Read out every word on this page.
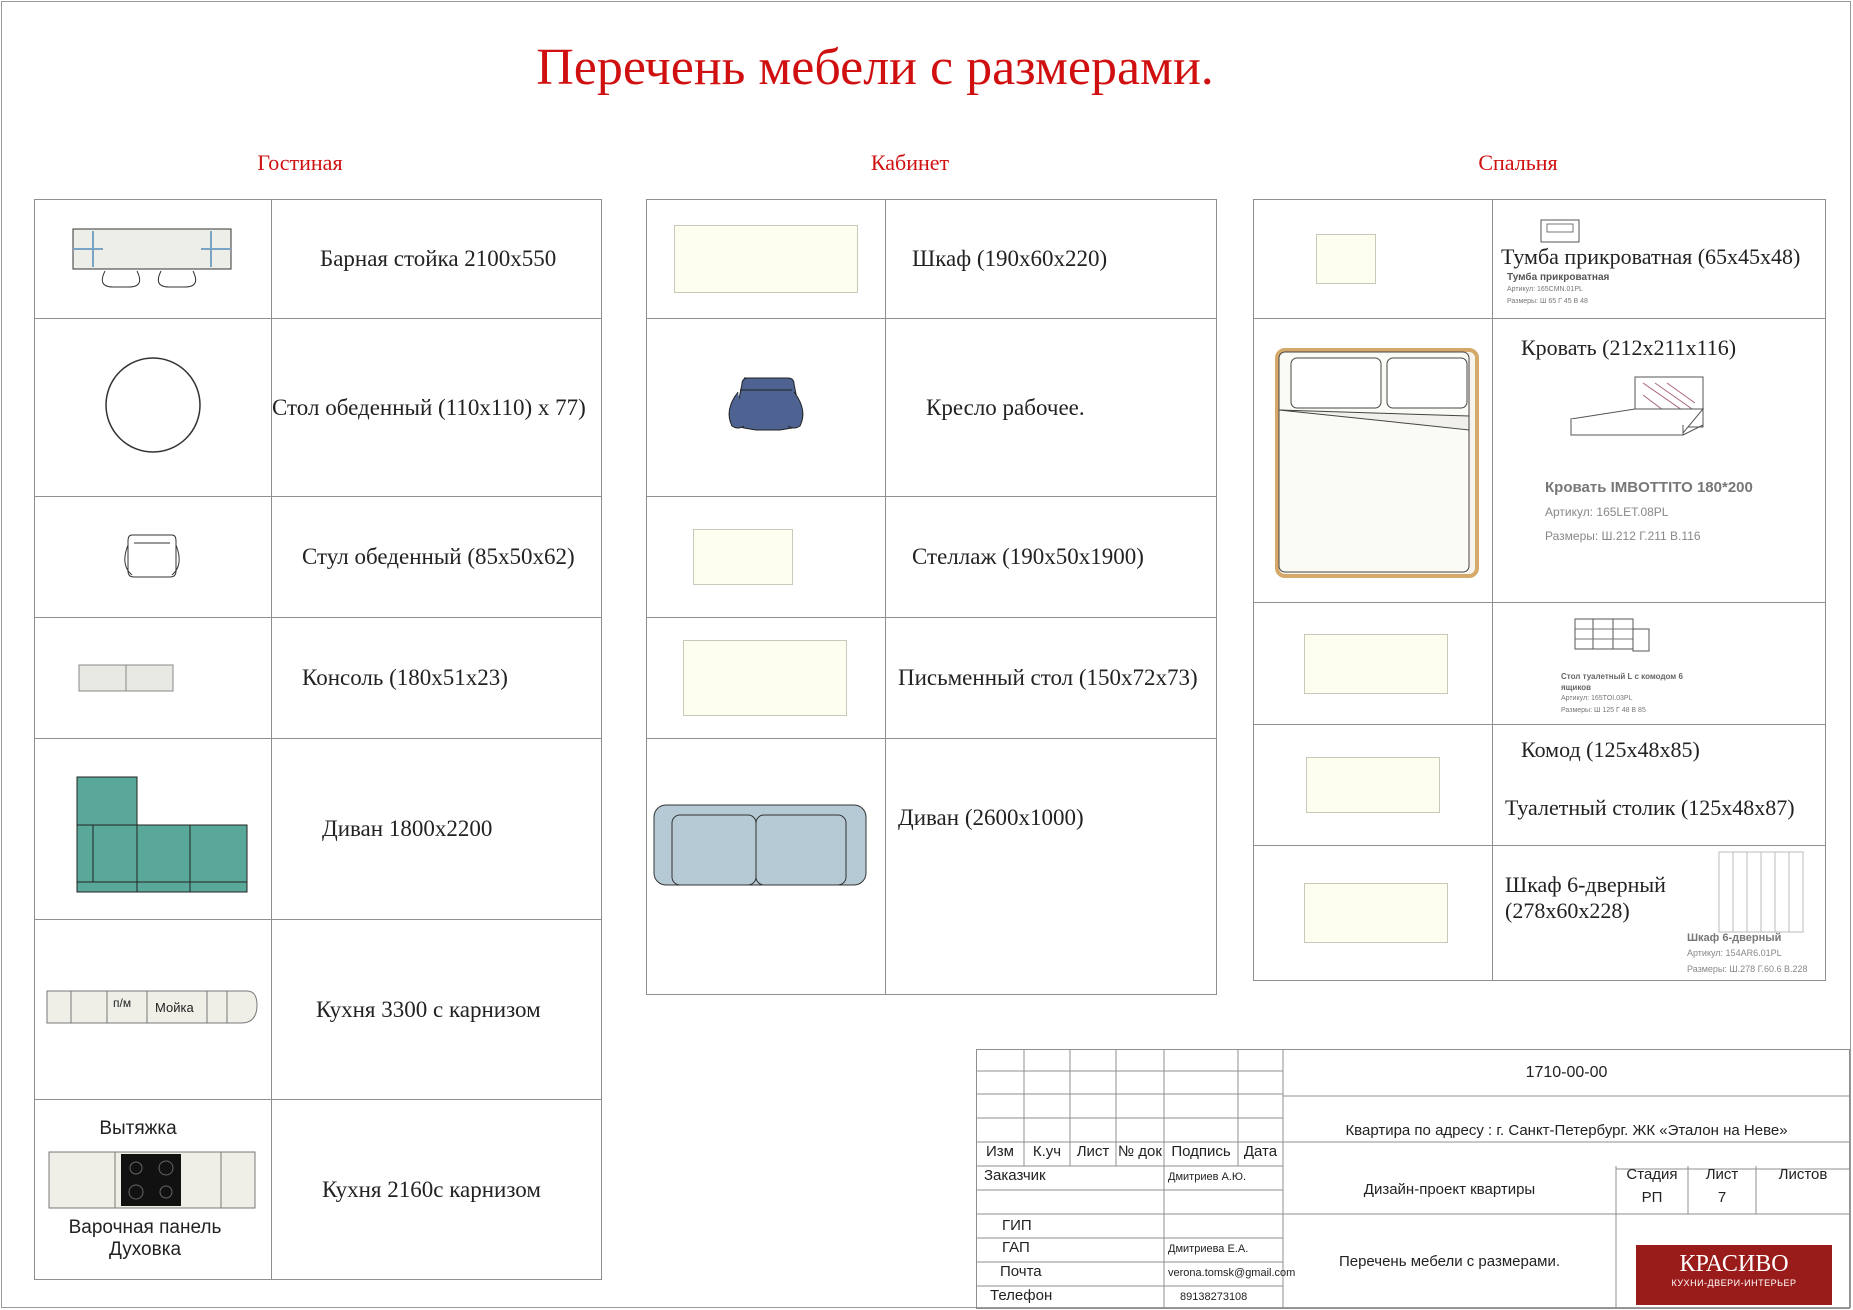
Перечень мебели с размерами.
Гостиная	Кабинет	Спальня
	Барная стойка 2100x550
	Стол обеденный (110x110) x 77)
	Стул обеденный (85x50x62)
	Консоль (180x51x23)
	Диван 1800x2200

п/м Мойка	Кухня 3300 с карнизом

Вытяжка
Варочная панель
Духовка	Кухня 2160с карнизом
	Шкаф (190x60x220)
	Кресло рабочее.

	Стеллаж (190x50x1900)

	Письменный стол (150x72x73)
	Диван (2600x1000)

	Тумба прикроватная (65x45x48)
Тумба прикроватная
Артикул: 165CMN.01PL
Размеры: Ш 65 Г 45 В 48

Кровать (212x211x116)
Кровать IMBOTTITO 180*200
Артикул: 165LET.08PL
Размеры: Ш.212 Г.211 В.116

	Стол туалетный L с комодом 6 ящиков
Артикул: 165TOI.03PL
Размеры: Ш 125 Г 48 В 85

	Комод (125x48x85)
Туалетный столик (125x48x87)

	Шкаф 6-дверный
(278x60x228)
Шкаф 6-дверный
Артикул: 154AR6.01PL
Размеры: Ш.278 Г.60.6 В.228
1710-00-00
Квартира по адресу : г. Санкт-Петербург. ЖК «Эталон на Неве»
Изм	К.уч	Лист № док Подпись Дата
Заказчик	Дмитриев А.Ю.
ГИП
ГАП	Дмитриева Е.А.
Почта	verona.tomsk@gmail.com
Телефон	89138273108
Дизайн-проект квартиры
Стадия	Лист	Листов
РП	7
Перечень мебели с размерами.	КРАСИВО
КУХНИ-ДВЕРИ-ИНТЕРЬЕР
